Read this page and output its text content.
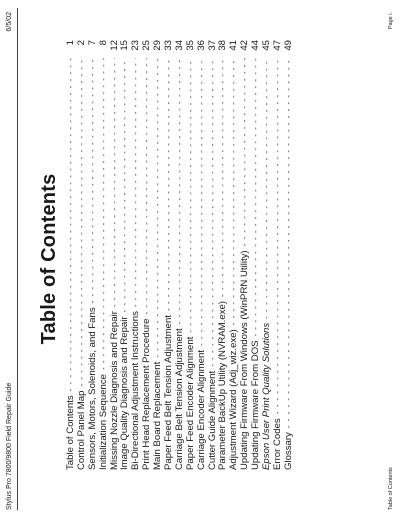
Stylus Pro 7800/9800 Field Repair Guide
6/5/02
Table of Contents
Table of Contents
- - -
1
Control Panel Map
- - -
2
Sensors, Motors, Solenoids, and Fans
- - -
7
Initialization Sequence
- - -
8
Missing Nozzle Diagnosis and Repair
- - -
12
Image Quality Diagnosis and Repair
- - -
15
Bi-Directional Adjustment Instructions
- - -
23
Print Head Replacement Procedure
- - -
25
Main Board Replacement
- - -
29
Paper Feed Belt Tension Adjustment
- - -
33
Carriage Belt Tension Adjustment
- - -
34
Paper Feed Encoder Alignment
- - -
35
Carriage Encoder Alignment
- - -
36
Cutter Guide Alignment
- - -
37
Parameter BackUp Utility (NVRAM.exe)
- - -
38
Adjustment Wizard (Adj_wiz.exe)
- - -
41
Updating Firmware From Windows (WinPRN Utility)
- - -
42
Updating Firmware From DOS
- - -
44
Epson User Print Quality Solutions
- - -
45
Error Codes
- - -
47
Glossary
- - -
49
Table of Contents
Page i.
